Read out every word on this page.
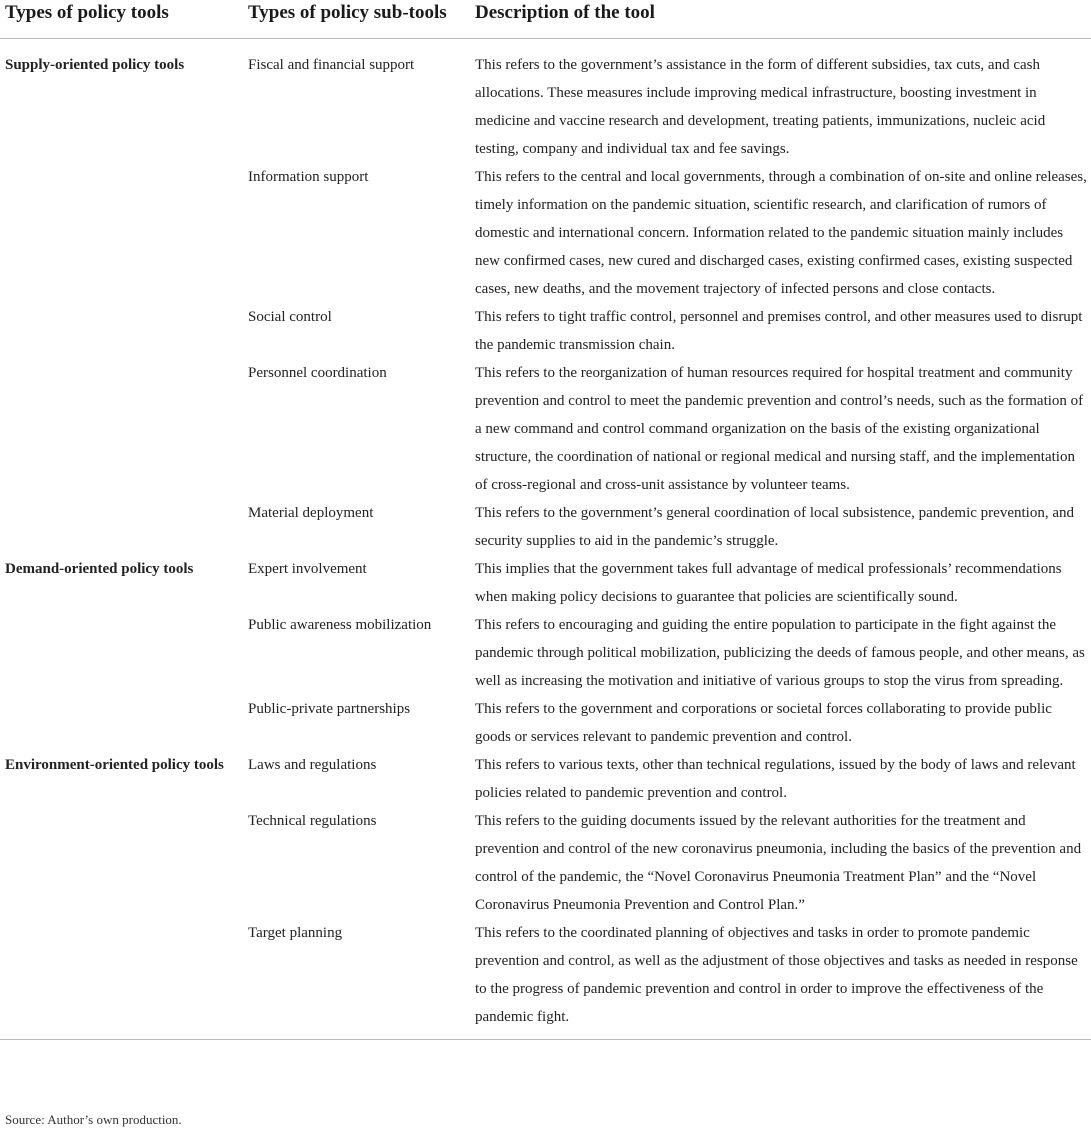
Types of policy tools	Types of policy sub-tools	Description of the tool
Supply-oriented policy tools	Fiscal and financial support	This refers to the government’s assistance in the form of different subsidies, tax cuts, and cash allocations. These measures include improving medical infrastructure, boosting investment in medicine and vaccine research and development, treating patients, immunizations, nucleic acid testing, company and individual tax and fee savings.
	Information support	This refers to the central and local governments, through a combination of on-site and online releases, timely information on the pandemic situation, scientific research, and clarification of rumors of domestic and international concern. Information related to the pandemic situation mainly includes new confirmed cases, new cured and discharged cases, existing confirmed cases, existing suspected cases, new deaths, and the movement trajectory of infected persons and close contacts.
	Social control	This refers to tight traffic control, personnel and premises control, and other measures used to disrupt the pandemic transmission chain.
	Personnel coordination	This refers to the reorganization of human resources required for hospital treatment and community prevention and control to meet the pandemic prevention and control’s needs, such as the formation of a new command and control command organization on the basis of the existing organizational structure, the coordination of national or regional medical and nursing staff, and the implementation of cross-regional and cross-unit assistance by volunteer teams.
	Material deployment	This refers to the government’s general coordination of local subsistence, pandemic prevention, and security supplies to aid in the pandemic’s struggle.
Demand-oriented policy tools	Expert involvement	This implies that the government takes full advantage of medical professionals’ recommendations when making policy decisions to guarantee that policies are scientifically sound.
	Public awareness mobilization	This refers to encouraging and guiding the entire population to participate in the fight against the pandemic through political mobilization, publicizing the deeds of famous people, and other means, as well as increasing the motivation and initiative of various groups to stop the virus from spreading.
	Public-private partnerships	This refers to the government and corporations or societal forces collaborating to provide public goods or services relevant to pandemic prevention and control.
Environment-oriented policy tools	Laws and regulations	This refers to various texts, other than technical regulations, issued by the body of laws and relevant policies related to pandemic prevention and control.
	Technical regulations	This refers to the guiding documents issued by the relevant authorities for the treatment and prevention and control of the new coronavirus pneumonia, including the basics of the prevention and control of the pandemic, the “Novel Coronavirus Pneumonia Treatment Plan” and the “Novel Coronavirus Pneumonia Prevention and Control Plan.”
	Target planning	This refers to the coordinated planning of objectives and tasks in order to promote pandemic prevention and control, as well as the adjustment of those objectives and tasks as needed in response to the progress of pandemic prevention and control in order to improve the effectiveness of the pandemic fight.
Source: Author’s own production.
